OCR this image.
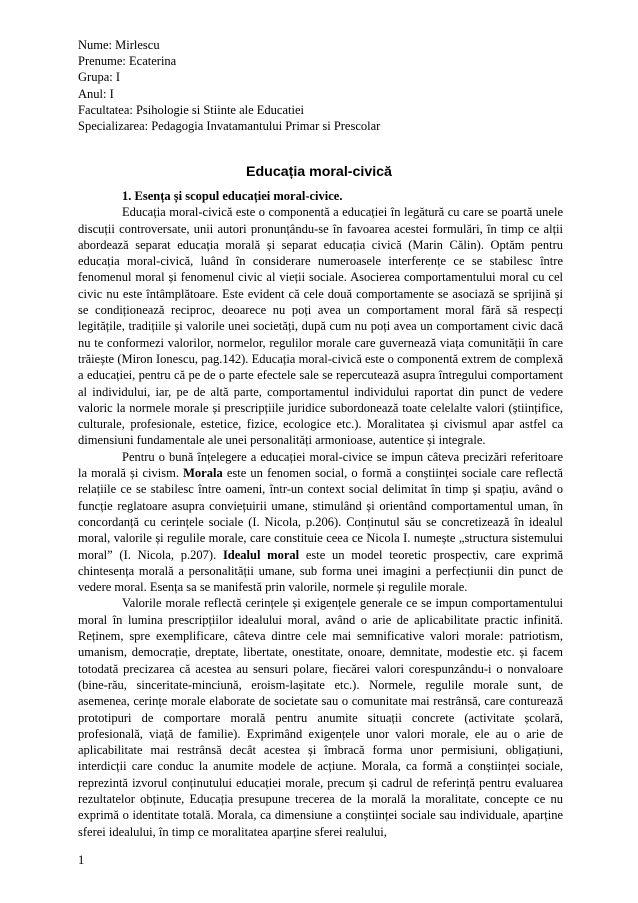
Nume: Mirlescu
Prenume: Ecaterina
Grupa: I
Anul: I
Facultatea: Psihologie si Stiinte ale Educatiei
Specializarea: Pedagogia Invatamantului Primar si Prescolar
Educația moral-civică

1. Esența și scopul educației moral-civice.

Educația moral-civică este o componentă a educației în legătură cu care se poartă unele discuții controversate, unii autori pronunțându-se în favoarea acestei formulări, în timp ce alții abordează separat educația morală și separat educația civică (Marin Călin). Optăm pentru educația moral-civică, luând în considerare numeroasele interferențe ce se stabilesc între fenomenul moral și fenomenul civic al vieții sociale. Asocierea comportamentului moral cu cel civic nu este întâmplătoare. Este evident că cele două comportamente se asociază se sprijină și se condiționează reciproc, deoarece nu poți avea un comportament moral fără să respecți legitățile, tradițiile și valorile unei societăți, după cum nu poți avea un comportament civic dacă nu te conformezi valorilor, normelor, regulilor morale care guvernează viața comunității în care trăiește (Miron Ionescu, pag.142). Educația moral-civică este o componentă extrem de complexă a educației, pentru că pe de o parte efectele sale se repercutează asupra întregului comportament al individului, iar, pe de altă parte, comportamentul individului raportat din punct de vedere valoric la normele morale și prescripțiile juridice subordonează toate celelalte valori (științifice, culturale, profesionale, estetice, fizice, ecologice etc.). Moralitatea și civismul apar astfel ca dimensiuni fundamentale ale unei personalități armonioase, autentice și integrale.

Pentru o bună înțelegere a educației moral-civice se impun câteva precizări referitoare la morală și civism. Morala este un fenomen social, o formă a conștiinței sociale care reflectă relațiile ce se stabilesc între oameni, într-un context social delimitat în timp și spațiu, având o funcție reglatoare asupra conviețuirii umane, stimulând și orientând comportamentul uman, în concordanță cu cerințele sociale (I. Nicola, p.206). Conținutul său se concretizează în idealul moral, valorile și regulile morale, care constituie ceea ce Nicola I. numește „structura sistemului moral” (I. Nicola, p.207). Idealul moral este un model teoretic prospectiv, care exprimă chintesența morală a personalității umane, sub forma unei imagini a perfecțiunii din punct de vedere moral. Esența sa se manifestă prin valorile, normele și regulile morale.

Valorile morale reflectă cerințele și exigențele generale ce se impun comportamentului moral în lumina prescripțiilor idealului moral, având o arie de aplicabilitate practic infinită. Reținem, spre exemplificare, câteva dintre cele mai semnificative valori morale: patriotism, umanism, democrație, dreptate, libertate, onestitate, onoare, demnitate, modestie etc. și facem totodată precizarea că acestea au sensuri polare, fiecărei valori corespunzându-i o nonvaloare (bine-rău, sinceritate-minciună, eroism-lașitate etc.). Normele, regulile morale sunt, de asemenea, cerințe morale elaborate de societate sau o comunitate mai restrânsă, care contureazǎ prototipuri de comportare morală pentru anumite situații concrete (activitate școlară, profesională, viață de familie). Exprimând exigențele unor valori morale, ele au o arie de aplicabilitate mai restrânsă decât acestea și îmbracă forma unor permisiuni, obligațiuni, interdicții care conduc la anumite modele de acțiune. Morala, ca formă a conștiinței sociale, reprezintă izvorul conținutului educației morale, precum și cadrul de referință pentru evaluarea rezultatelor obținute, Educația presupune trecerea de la morală la moralitate, concepte ce nu exprimă o identitate totală. Morala, ca dimensiune a conștiinței sociale sau individuale, aparține sferei idealului, în timp ce moralitatea aparține sferei realului,

1
